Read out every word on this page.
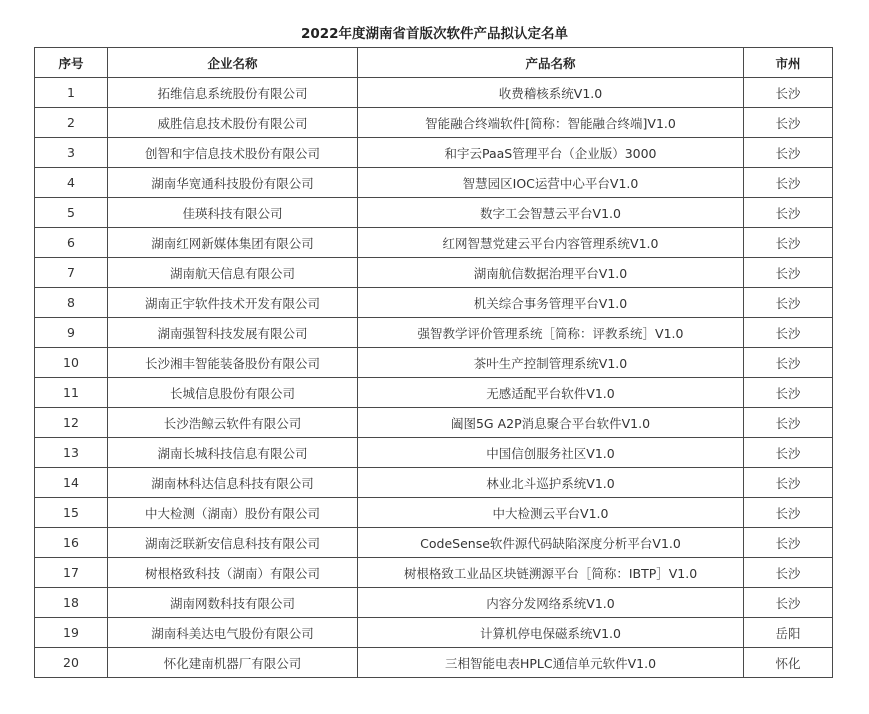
2022年度湖南省首版次软件产品拟认定名单
序号	企业名称	产品名称	市州
1	拓维信息系统股份有限公司	收费稽核系统V1.0	长沙
2	威胜信息技术股份有限公司	智能融合终端软件[简称：智能融合终端]V1.0	长沙
3	创智和宇信息技术股份有限公司	和宇云PaaS管理平台（企业版）3000	长沙
4	湖南华宽通科技股份有限公司	智慧园区IOC运营中心平台V1.0	长沙
5	佳瑛科技有限公司	数字工会智慧云平台V1.0	长沙
6	湖南红网新媒体集团有限公司	红网智慧党建云平台内容管理系统V1.0	长沙
7	湖南航天信息有限公司	湖南航信数据治理平台V1.0	长沙
8	湖南正宇软件技术开发有限公司	机关综合事务管理平台V1.0	长沙
9	湖南强智科技发展有限公司	强智教学评价管理系统［简称：评教系统］V1.0	长沙
10	长沙湘丰智能装备股份有限公司	茶叶生产控制管理系统V1.0	长沙
11	长城信息股份有限公司	无感适配平台软件V1.0	长沙
12	长沙浩鲸云软件有限公司	阖图5G A2P消息聚合平台软件V1.0	长沙
13	湖南长城科技信息有限公司	中国信创服务社区V1.0	长沙
14	湖南林科达信息科技有限公司	林业北斗巡护系统V1.0	长沙
15	中大检测（湖南）股份有限公司	中大检测云平台V1.0	长沙
16	湖南泛联新安信息科技有限公司	CodeSense软件源代码缺陷深度分析平台V1.0	长沙
17	树根格致科技（湖南）有限公司	树根格致工业品区块链溯源平台［简称：IBTP］V1.0	长沙
18	湖南网数科技有限公司	内容分发网络系统V1.0	长沙
19	湖南科美达电气股份有限公司	计算机停电保磁系统V1.0	岳阳
20	怀化建南机器厂有限公司	三相智能电表HPLC通信单元软件V1.0	怀化
